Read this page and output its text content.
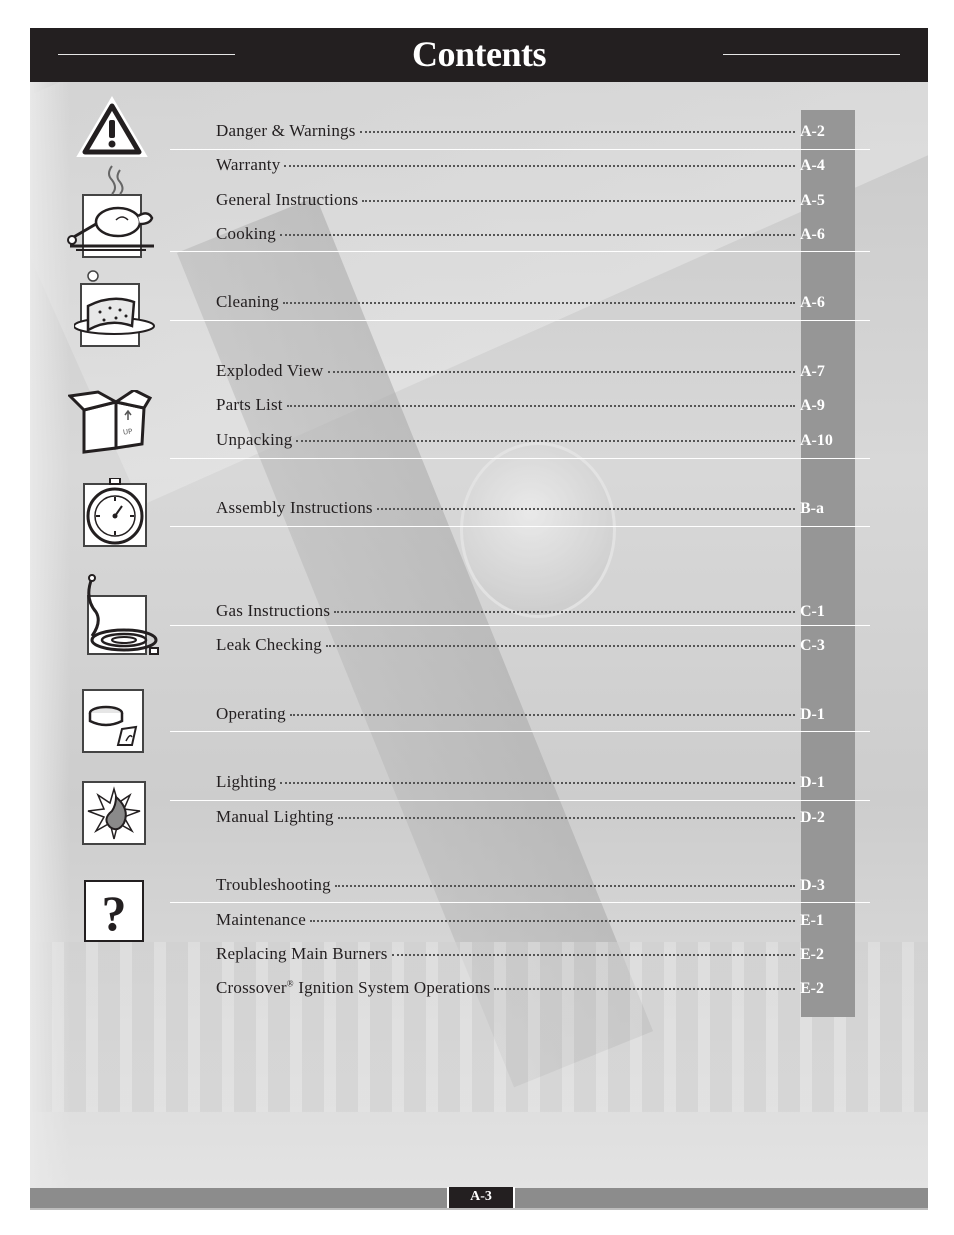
Contents
Danger & Warnings	A-2
Warranty	A-4
General Instructions	A-5
Cooking	A-6
Cleaning	A-6
Exploded View	A-7
Parts List	A-9
Unpacking	A-10
Assembly Instructions	B-a
Gas Instructions	C-1
Leak Checking	C-3
Operating	D-1
Lighting	D-1
Manual Lighting	D-2
Troubleshooting	D-3
Maintenance	E-1
Replacing Main Burners	E-2
Crossover® Ignition System Operations	E-2
UP
?
A-3
